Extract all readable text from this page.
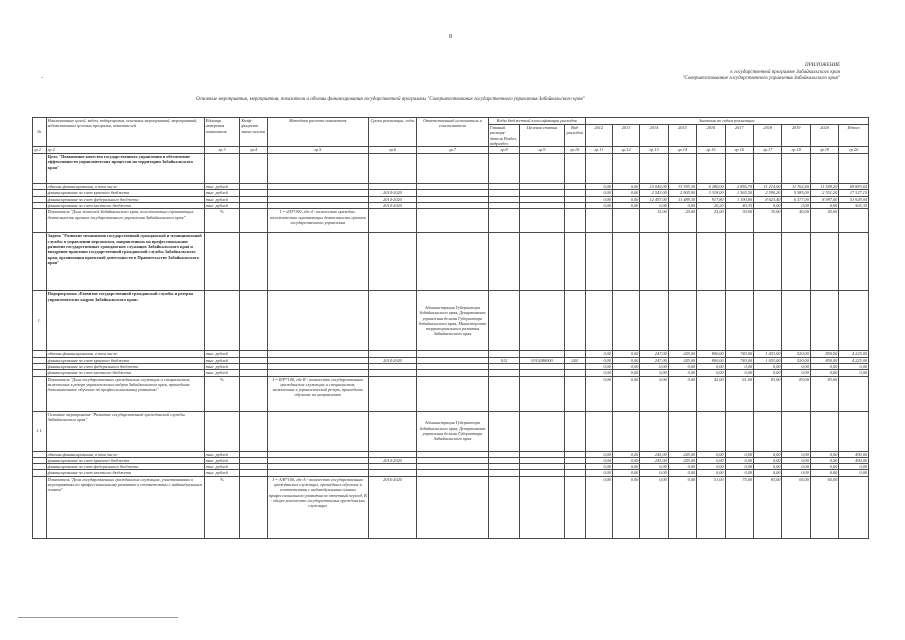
8
·
ПРИЛОЖЕНИЕ
к государственной программе Забайкальского края
"Совершенствование государственного управления Забайкальского края"
Основные мероприятия, мероприятия, показатели и объемы финансирования государственной программы "Совершенствование государственного управления Забайкальского края"
№	Наименование целей, задач, подпрограмм, основных мероприятий, мероприятий, ведомственных целевых программ, показателей	Единица измерения показателя	Коэф-фициент значи-мости	Методика расчета показателя	Сроки реализации, годы	Ответственный исполнитель и соисполнители	Коды бюджетной классификации расходов			Значения по годам реализации									
							Главный распоря-дитель Раздел, подраздел	Целевая статья	Вид расходов	2012	2013	2014	2015	2016	2017	2018	2019	2020	Итого

гр.1	гр.2	гр.3	гр.4	гр.5	гр.6	гр.7	гр.8	гр.9	гр.10	гр.11	гр.12	гр.13	гр.14	гр.15	гр.16	гр.17	гр.18	гр.19	гр.20
	Цель "Повышение качества государственного управления и обеспечение эффективности управленческих процессов на территории Забайкальского края"																		
	объемы финансирования, в том числе:	тыс. рублей								0,00	0,00	15 040,00	13 395,30	4 280,00	2 856,70	11 214,00	11 762,40	11 549,20	69 883,64
	финансирование за счет краевого бюджета	тыс. рублей			2014-2020					0,00	0,00	2 543,00	2 905,90	3 318,00	1 565,50	2 590,20	5 385,00	2 551,20	17 327,15
	финансирование за счет федерального бюджета	тыс. рублей			2014-2020					0,00	0,00	12 497,00	11 489,30	917,80	1 190,80	8 623,40	6 377,00	8 997,00	51 929,04
	финансирование за счет местного бюджета	тыс. рублей			2014-2020					0,00	0,00	0,00	0,00	20,20	40,35	0,00	0,00	0,00	565,35
	Показатель "Доля жителей Забайкальского края, положительно оценивающих деятельность органов государственного управления Забайкальского края"	%		I = d/D*100, где d - количество граждан, положительно оценивающих деятельность органов государственного управления								15,00	20,00	25,00	30,00	35,00	40,00	45,00	
	Задача "Развитие механизмов государственной гражданской и муниципальной службы в управлении персоналом, направленных на профессиональное развитие государственных гражданских служащих Забайкальского края и внедрение практики государственной гражданской службы Забайкальского края, организация проектной деятельности в Правительстве Забайкальского края"																		
1.	Подпрограмма «Развитие государственной гражданской службы и резерва управленческих кадров Забайкальского края»					Администрация Губернатора Забайкальского края, Департамент управления делами Губернатора Забайкальского края, Министерство территориального развития Забайкальского края													
	объемы финансирования, в том числе:	тыс. рублей								0,00	0,00	247,00	245,00	800,00	740,00	1 053,00	520,00	850,00	4 225,00
	финансирование за счет краевого бюджета	тыс. рублей			2014-2020		012	0310288000	244	0,00	0,00	247,00	245,00	800,00	740,00	1 053,00	520,00	850,00	4 225,00
	финансирование за счет федерального бюджета	тыс. рублей								0,00	0,00	0,00	0,00	0,00	0,00	0,00	0,00	0,00	0,00
	финансирование за счет местного бюджета	тыс. рублей								0,00	0,00	0,00	0,00	0,00	0,00	0,00	0,00	0,00	0,00
	Показатель "Доля государственных гражданских служащих и специалистов, включенных в резерв управленческих кадров Забайкальского края, прошедших дополнительное обучение по профессиональному развитию"	%		I = R/P*100, где R - количество государственных гражданских служащих и специалистов, включенных в управленческий резерв, прошедших обучение по направлению						0,00	0,00	0,00	0,00	42,00	61,00	83,00	83,00	83,00	
1.1.	Основное мероприятие "Развитие государственной гражданской службы Забайкальского края"					Администрация Губернатора Забайкальского края, Департамент управления делами Губернатора Забайкальского края													
	объемы финансирования, в том числе:	тыс. рублей								0,00	0,00	245,00	245,00	0,00	0,00	0,00	0,00	0,00	490,00
	финансирование за счет краевого бюджета	тыс. рублей			2014-2020					0,00	0,00	245,00	245,00	0,00	0,00	0,00	0,00	0,00	490,00
	финансирование за счет федерального бюджета	тыс. рублей								0,00	0,00	0,00	0,00	0,00	0,00	0,00	0,00	0,00	0,00
	финансирование за счет местного бюджета	тыс. рублей								0,00	0,00	0,00	0,00	0,00	0,00	0,00	0,00	0,00	0,00
	Показатель "Доля государственных гражданских служащих, участвовавших в мероприятиях по профессиональному развитию в соответствии с индивидуальным планом"	%		I = A/B*100, где A - количество государственных гражданских служащих, прошедших обучение в соответствии с индивидуальным планом профессионального развития за отчетный период, B - общее количество государственных гражданских служащих	2016-2020					0,00	0,00	0,00	0,00	51,00	75,00	83,00	65,00	65,00	
